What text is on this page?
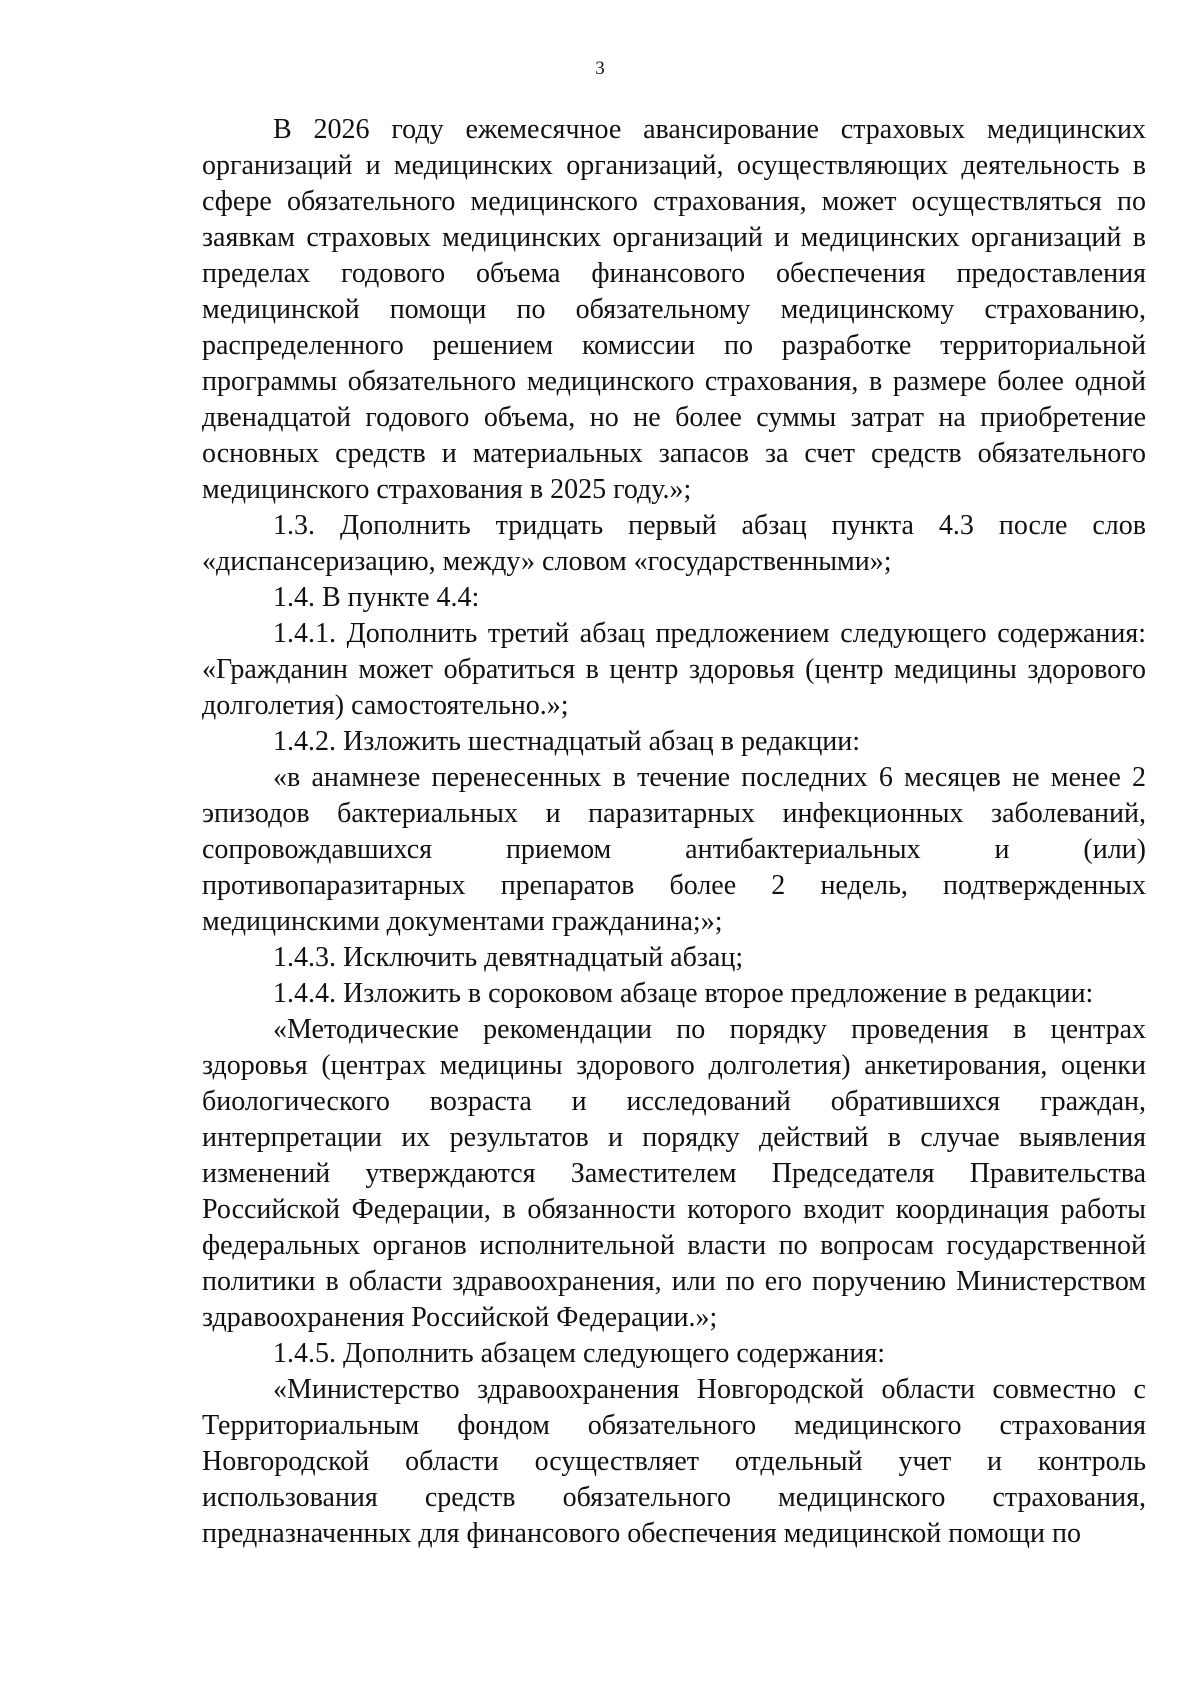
3

В 2026 году ежемесячное авансирование страховых медицинских организаций и медицинских организаций, осуществляющих деятельность в сфере обязательного медицинского страхования, может осуществляться по заявкам страховых медицинских организаций и медицинских организаций в пределах годового объема финансового обеспечения предоставления медицинской помощи по обязательному медицинскому страхованию, распределенного решением комиссии по разработке территориальной программы обязательного медицинского страхования, в размере более одной двенадцатой годового объема, но не более суммы затрат на приобретение основных средств и материальных запасов за счет средств обязательного медицинского страхования в 2025 году.»;

1.3. Дополнить тридцать первый абзац пункта 4.3 после слов «диспансеризацию, между» словом «государственными»;

1.4. В пункте 4.4:

1.4.1. Дополнить третий абзац предложением следующего содержания: «Гражданин может обратиться в центр здоровья (центр медицины здорового долголетия) самостоятельно.»;

1.4.2. Изложить шестнадцатый абзац в редакции:

«в анамнезе перенесенных в течение последних 6 месяцев не менее 2 эпизодов бактериальных и паразитарных инфекционных заболеваний, сопровождавшихся приемом антибактериальных и (или) противопаразитарных препаратов более 2 недель, подтвержденных медицинскими документами гражданина;»;

1.4.3. Исключить девятнадцатый абзац;

1.4.4. Изложить в сороковом абзаце второе предложение в редакции:

«Методические рекомендации по порядку проведения в центрах здоровья (центрах медицины здорового долголетия) анкетирования, оценки биологического возраста и исследований обратившихся граждан, интерпретации их результатов и порядку действий в случае выявления изменений утверждаются Заместителем Председателя Правительства Российской Федерации, в обязанности которого входит координация работы федеральных органов исполнительной власти по вопросам государственной политики в области здравоохранения, или по его поручению Министерством здравоохранения Российской Федерации.»;

1.4.5. Дополнить абзацем следующего содержания:

«Министерство здравоохранения Новгородской области совместно с Территориальным фондом обязательного медицинского страхования Новгородской области осуществляет отдельный учет и контроль использования средств обязательного медицинского страхования, предназначенных для финансового обеспечения медицинской помощи по
